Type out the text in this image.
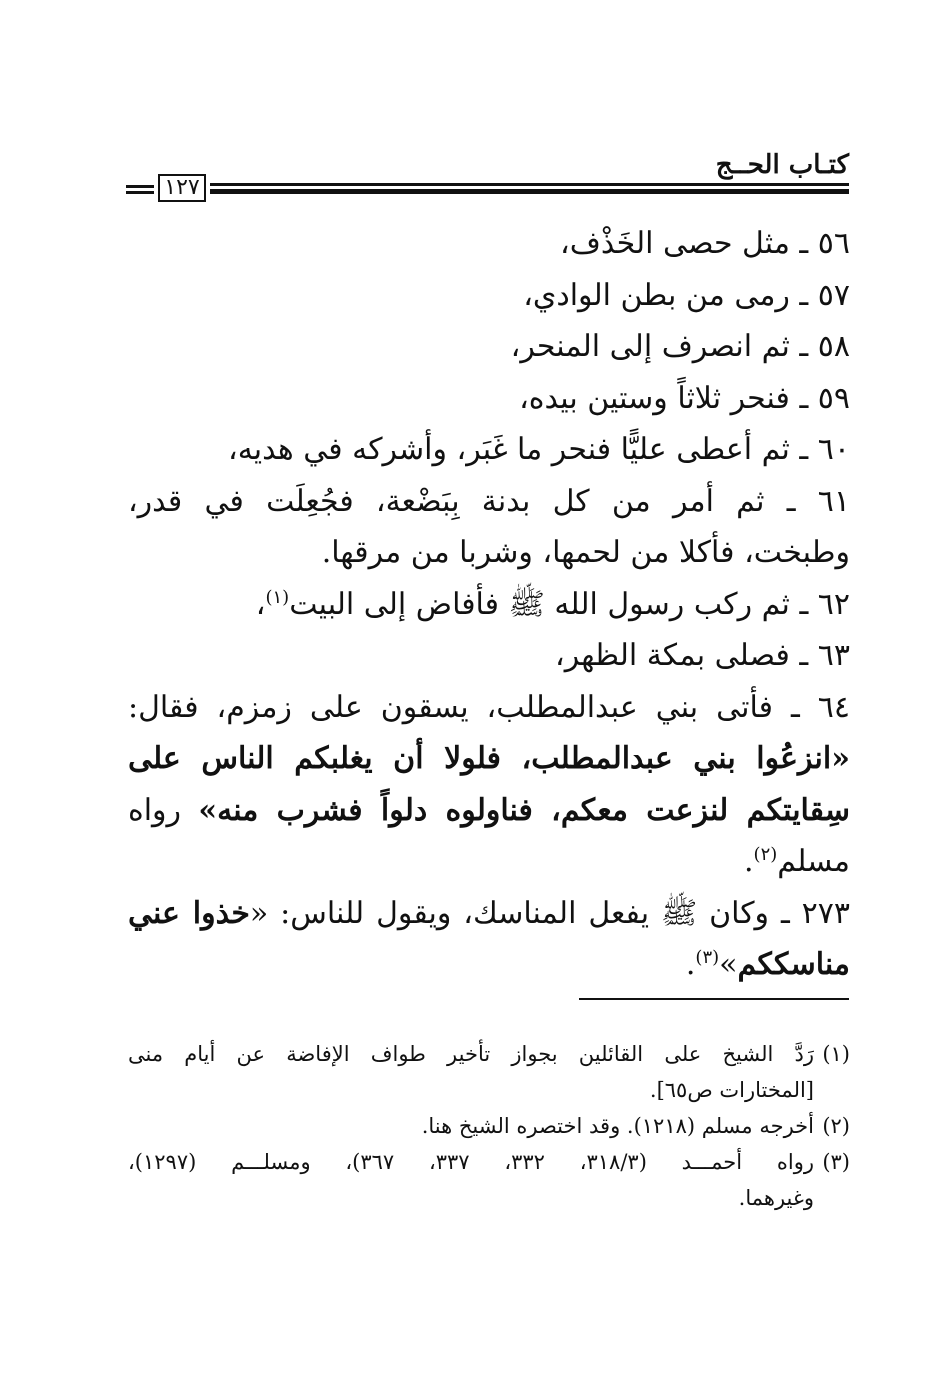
كتـاب الحــج
١٢٧
٥٦ ـ مثل حصى الخَذْف،
٥٧ ـ رمى من بطن الوادي،
٥٨ ـ ثم انصرف إلى المنحر،
٥٩ ـ فنحر ثلاثاً وستين بيده،
٦٠ ـ ثم أعطى عليًّا فنحر ما غَبَر، وأشركه في هديه،
٦١ ـ ثم أمر من كل بدنة بِبَضْعة، فجُعِلَت في قدر،
وطبخت، فأكلا من لحمها، وشربا من مرقها.
٦٢ ـ ثم ركب رسول الله ﷺ فأفاض إلى البيت$^{(١)}$،
٦٣ ـ فصلى بمكة الظهر،
٦٤ ـ فأتى بني عبدالمطلب، يسقون على زمزم، فقال:
«انزعُوا بني عبدالمطلب، فلولا أن يغلبكم الناس على
سِقايتكم لنزعت معكم، فناولوه دلواً فشرب منه» رواه
مسلم$^{(٢)}$.
٢٧٣ ـ وكان ﷺ يفعل المناسك، ويقول للناس: «خذوا عني
مناسككم»$^{(٣)}$.
(١)رَدَّ الشيخ على القائلين بجواز تأخير طواف الإفاضة عن أيام منى
[المختارات ص٦٥].
(٢)أخرجه مسلم (١٢١٨). وقد اختصره الشيخ هنا.
(٣)رواه أحمـــد (٣١٨/٣، ٣٣٢، ٣٣٧، ٣٦٧)، ومسلـــم (١٢٩٧)،
وغيرهما.
